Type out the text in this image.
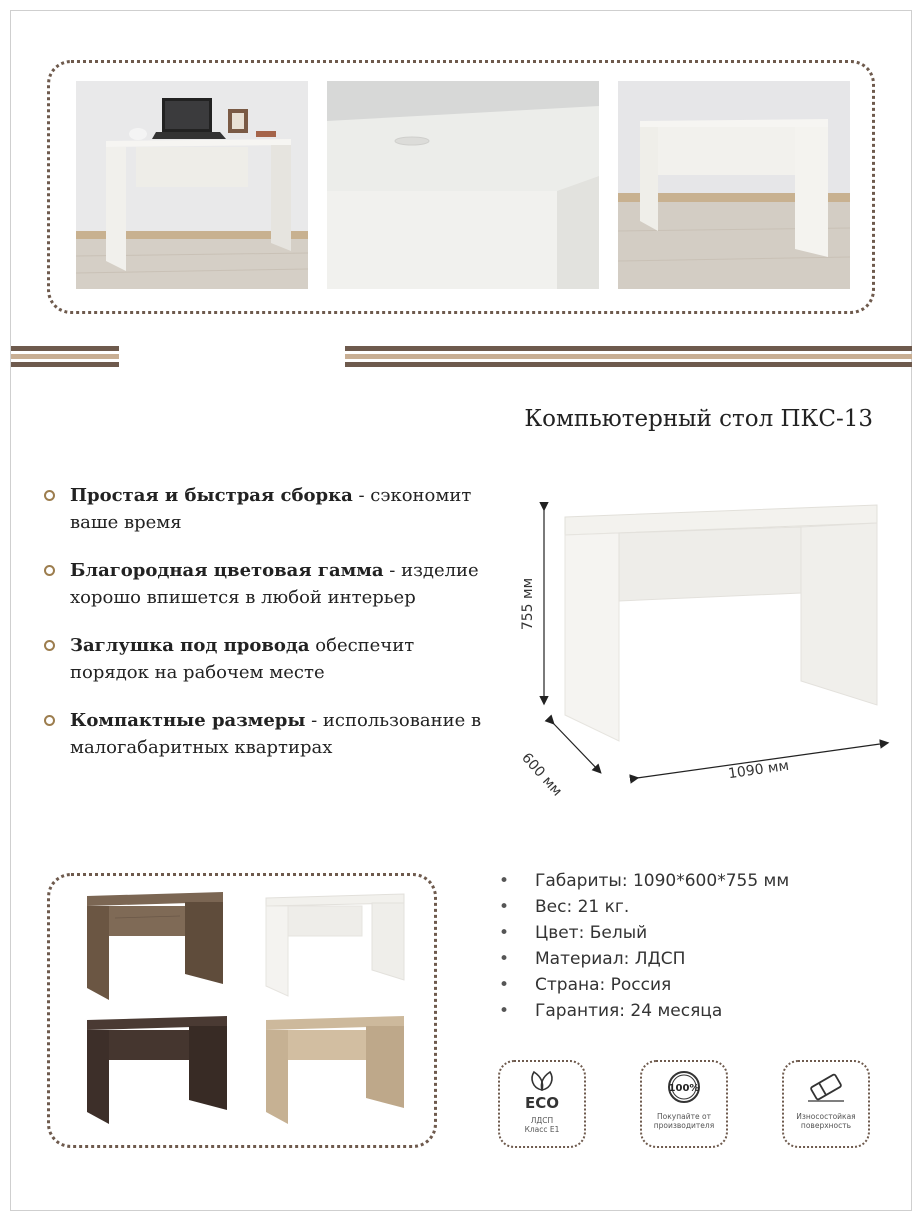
Компьютерный стол ПКС-13
Простая и быстрая сборка - сэкономит ваше время
Благородная цветовая гамма - изделие хорошо впишется в любой интерьер
Заглушка под провода обеспечит порядок на рабочем месте
Компактные размеры - использование в малогабаритных квартирах
755 мм
600 мм	1090 мм
• Габариты: 1090*600*755 мм
• Вес: 21 кг.
• Цвет: Белый
• Материал: ЛДСП
• Страна: Россия
• Гарантия: 24 месяца
ECO
ЛДСП
Класс Е1
100%
Покупайте от
производителя
Износостойкая
поверхность
